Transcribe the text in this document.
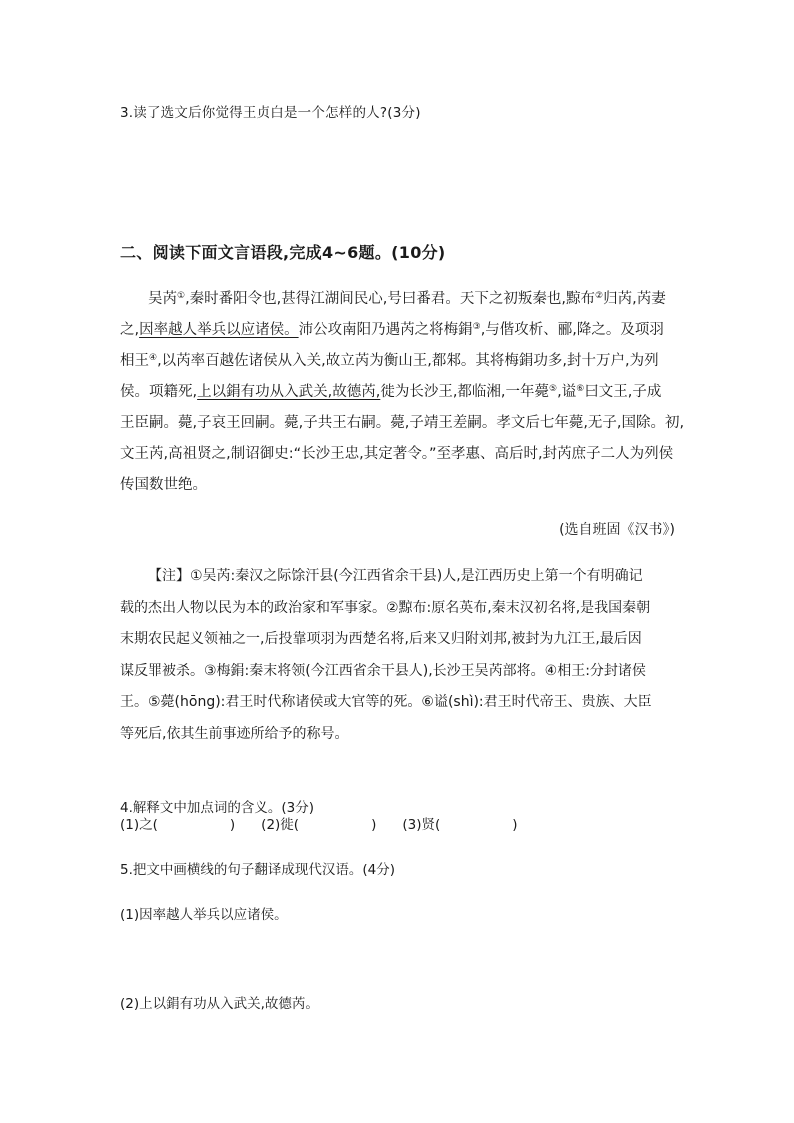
3.读了选文后你觉得王贞白是一个怎样的人?(3分)
二、阅读下面文言语段,完成4~6题。(10分)
吴芮①,秦时番阳令也,甚得江湖间民心,号曰番君。天下之初叛秦也,黥布②归芮,芮妻
之,因率越人举兵以应诸侯。沛公攻南阳乃遇芮之将梅鋗③,与偕攻析、郦,降之。及项羽
相王④,以芮率百越佐诸侯从入关,故立芮为衡山王,都邾。其将梅鋗功多,封十万户,为列
侯。项籍死,上以鋗有功从入武关,故德芮,徙为长沙王,都临湘,一年薨⑤,谥⑥曰文王,子成
王臣嗣。薨,子哀王回嗣。薨,子共王右嗣。薨,子靖王差嗣。孝文后七年薨,无子,国除。初,
文王芮,高祖贤之,制诏御史:“长沙王忠,其定著令。”至孝惠、高后时,封芮庶子二人为列侯
传国数世绝。
(选自班固《汉书》)
【注】①吴芮:秦汉之际馀汗县(今江西省余干县)人,是江西历史上第一个有明确记
载的杰出人物以民为本的政治家和军事家。②黥布:原名英布,秦末汉初名将,是我国秦朝
末期农民起义领袖之一,后投靠项羽为西楚名将,后来又归附刘邦,被封为九江王,最后因
谋反罪被杀。③梅鋗:秦末将领(今江西省余干县人),长沙王吴芮部将。④相王:分封诸侯
王。⑤薨(hōng):君王时代称诸侯或大官等的死。⑥谥(shì):君王时代帝王、贵族、大臣
等死后,依其生前事迹所给予的称号。
4.解释文中加点词的含义。(3分)
(1)之(	) (2)徙(	) (3)贤(	)
5.把文中画横线的句子翻译成现代汉语。(4分)
(1)因率越人举兵以应诸侯。
(2)上以鋗有功从入武关,故德芮。
